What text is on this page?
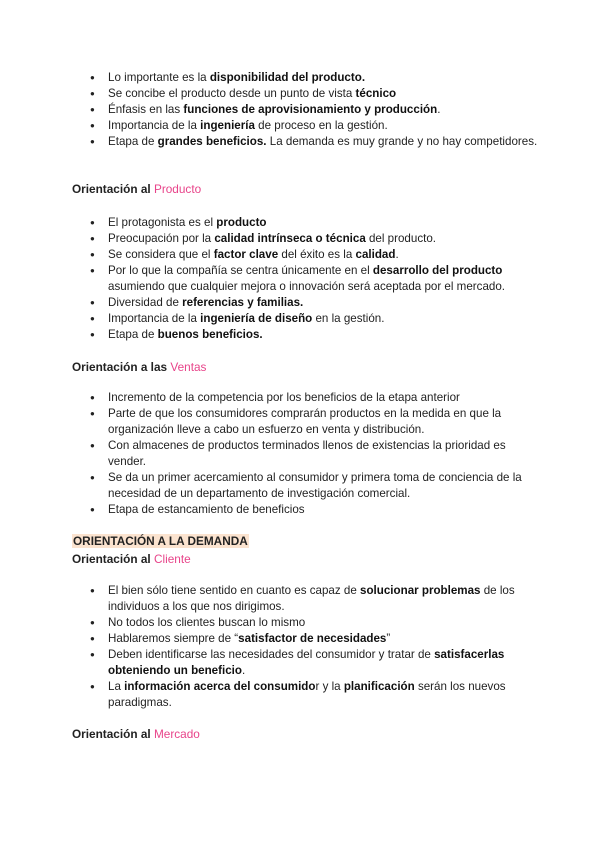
● Lo importante es la disponibilidad del producto.
● Se concibe el producto desde un punto de vista técnico
● Énfasis en las funciones de aprovisionamiento y producción.
● Importancia de la ingeniería de proceso en la gestión.
● Etapa de grandes beneficios. La demanda es muy grande y no hay competidores.

Orientación al Producto

● El protagonista es el producto
● Preocupación por la calidad intrínseca o técnica del producto.
● Se considera que el factor clave del éxito es la calidad.
● Por lo que la compañía se centra únicamente en el desarrollo del producto asumiendo que cualquier mejora o innovación será aceptada por el mercado.
● Diversidad de referencias y familias.
● Importancia de la ingeniería de diseño en la gestión.
● Etapa de buenos beneficios.

Orientación a las Ventas

● Incremento de la competencia por los beneficios de la etapa anterior
● Parte de que los consumidores comprarán productos en la medida en que la organización lleve a cabo un esfuerzo en venta y distribución.
● Con almacenes de productos terminados llenos de existencias la prioridad es vender.
● Se da un primer acercamiento al consumidor y primera toma de conciencia de la necesidad de un departamento de investigación comercial.
● Etapa de estancamiento de beneficios

ORIENTACIÓN A LA DEMANDA

Orientación al Cliente

● El bien sólo tiene sentido en cuanto es capaz de solucionar problemas de los individuos a los que nos dirigimos.
● No todos los clientes buscan lo mismo
● Hablaremos siempre de “satisfactor de necesidades”
● Deben identificarse las necesidades del consumidor y tratar de satisfacerlas obteniendo un beneficio.
● La información acerca del consumidor y la planificación serán los nuevos paradigmas.

Orientación al Mercado
